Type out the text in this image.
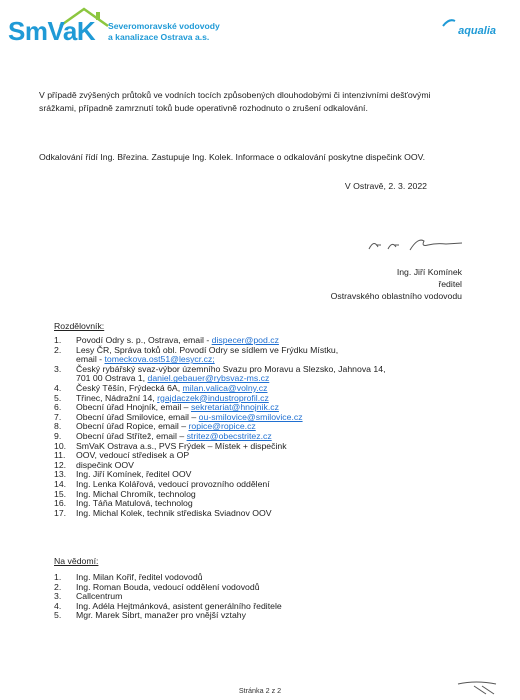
SmVaK Severomoravské vodovody
a kanalizace Ostrava a.s.	aqualia
V případě zvýšených průtoků ve vodních tocích způsobených dlouhodobými či intenzivními dešťovými srážkami, případně zamrznutí toků bude operativně rozhodnuto o zrušení odkalování.
Odkalování řídí Ing. Březina. Zastupuje Ing. Kolek. Informace o odkalování poskytne dispečink OOV.
V Ostravě, 2. 3. 2022
Ing. Jiří Komínek
ředitel
Ostravského oblastního vodovodu
Rozdělovník:
1. Povodí Odry s. p., Ostrava, email - dispecer@pod.cz
2. Lesy ČR, Správa toků obl. Povodí Odry se sídlem ve Frýdku Místku,
email - tomeckova.ost51@lesycr.cz;
3. Český rybářský svaz-výbor územního Svazu pro Moravu a Slezsko, Jahnova 14,
701 00 Ostrava 1, daniel.gebauer@rybsvaz-ms.cz
4. Český Těšín, Frýdecká 6A, milan.valica@volny.cz
5. Třinec, Nádražní 14, rgajdaczek@industroprofil.cz
6. Obecní úřad Hnojník, email – sekretariat@hnojnik.cz
7. Obecní úřad Smilovice, email – ou-smilovice@smilovice.cz
8. Obecní úřad Ropice, email – ropice@ropice.cz
9. Obecní úřad Střítež, email – stritez@obecstritez.cz
10. SmVaK Ostrava a.s., PVS Frýdek – Místek + dispečink
11. OOV, vedoucí středisek a OP
12. dispečink OOV
13. Ing. Jiří Komínek, ředitel OOV
14. Ing. Lenka Kolářová, vedoucí provozního oddělení
15. Ing. Michal Chromík, technolog
16. Ing. Táňa Matulová, technolog
17. Ing. Michal Kolek, technik střediska Sviadnov OOV
Na vědomí:
1. Ing. Milan Kořif, ředitel vodovodů
2. Ing. Roman Bouda, vedoucí oddělení vodovodů
3. Callcentrum
4. Ing. Adéla Hejtmánková, asistent generálního ředitele
5. Mgr. Marek Sibrt, manažer pro vnější vztahy
Stránka 2 z 2
